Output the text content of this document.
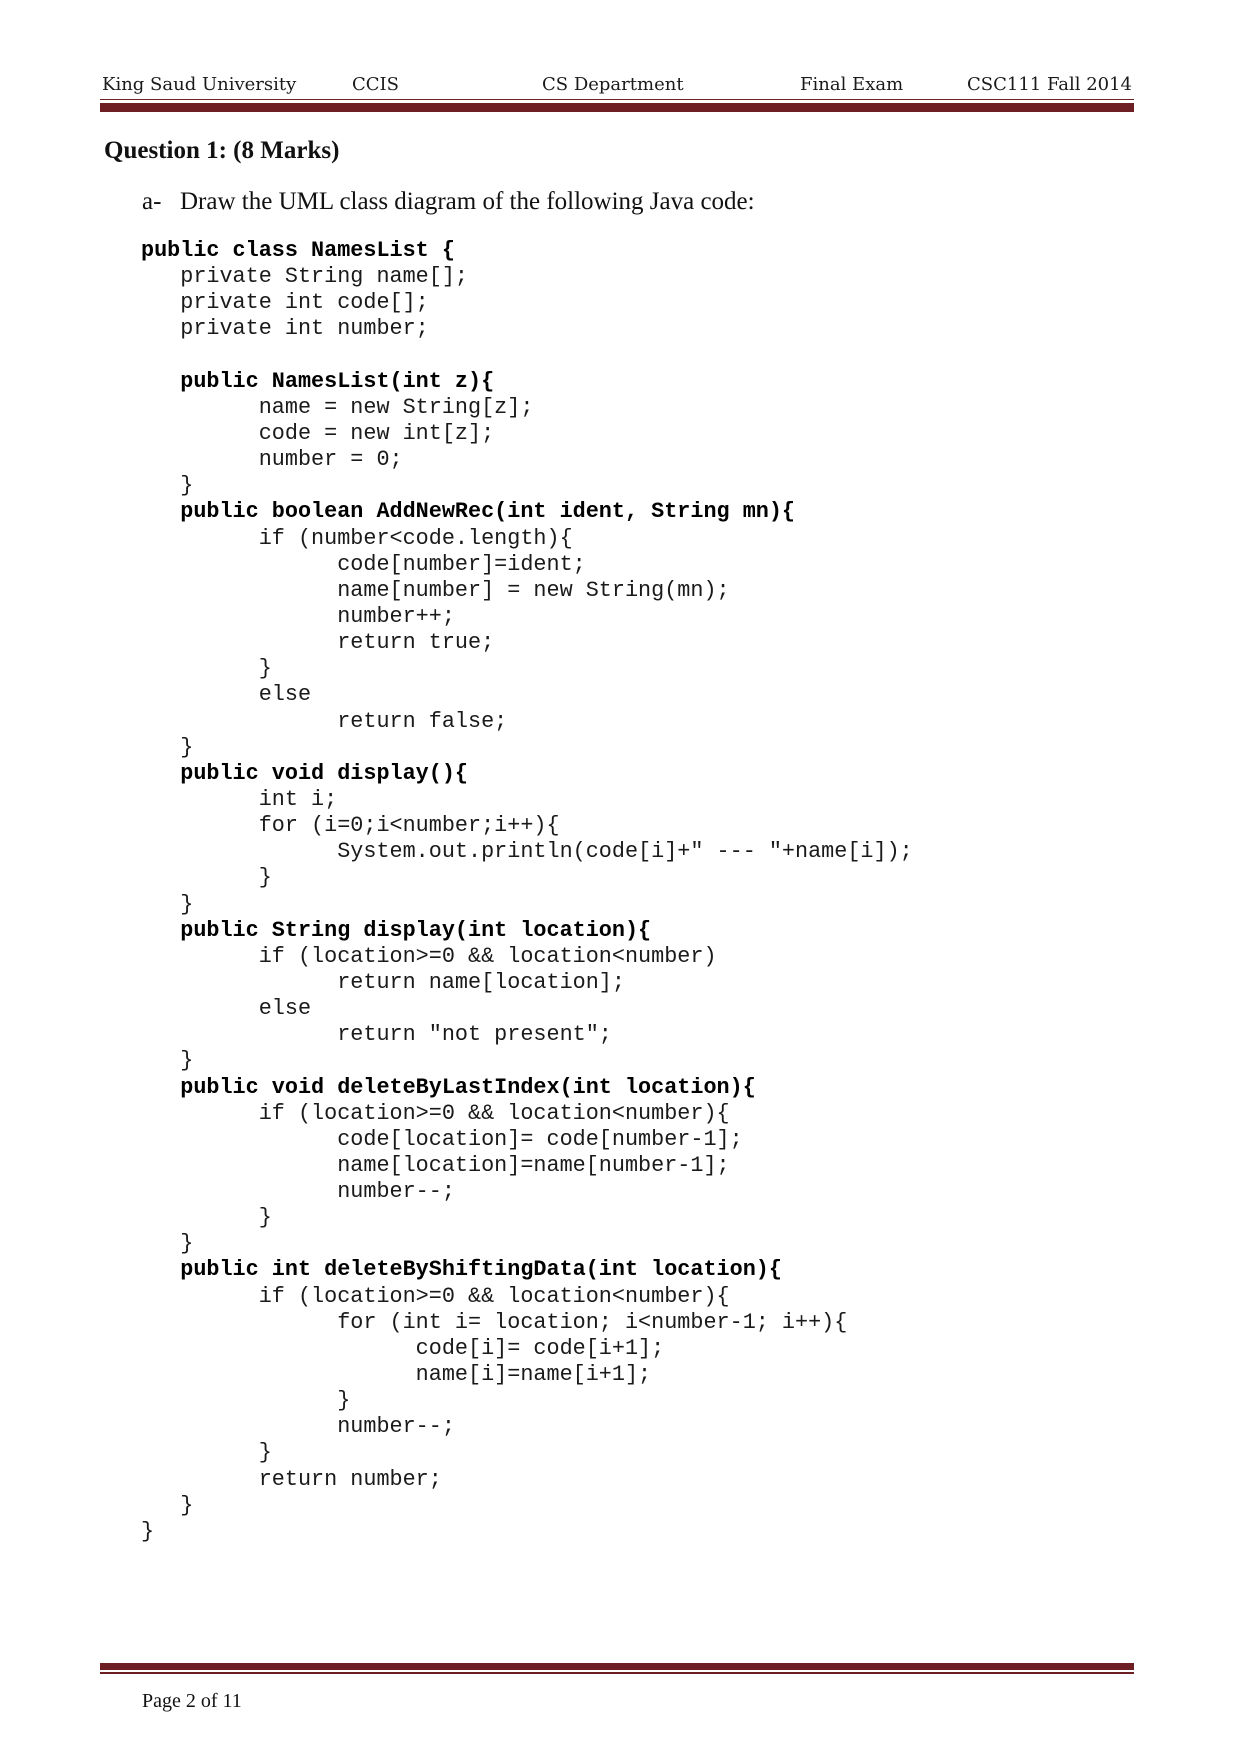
King Saud University	CCIS	CS Department	Final Exam	CSC111 Fall 2014
Question 1: (8 Marks)
a- Draw the UML class diagram of the following Java code:
public class NamesList {
private String name[];
private int code[];
private int number;
public NamesList(int z){
name = new String[z];
code = new int[z];
number = 0;
}
public boolean AddNewRec(int ident, String mn){
if (number<code.length){
code[number]=ident;
name[number] = new String(mn);
number++;
return true;
}
else
return false;
}
public void display(){
int i;
for (i=0;i<number;i++){
System.out.println(code[i]+" --- "+name[i]);
}
}
public String display(int location){
if (location>=0 && location<number)
return name[location];
else
return "not present";
}
public void deleteByLastIndex(int location){
if (location>=0 && location<number){
code[location]= code[number-1];
name[location]=name[number-1];
number--;
}
}
public int deleteByShiftingData(int location){
if (location>=0 && location<number){
for (int i= location; i<number-1; i++){
code[i]= code[i+1];
name[i]=name[i+1];
}
number--;
}
return number;
}
}
Page 2 of 11
